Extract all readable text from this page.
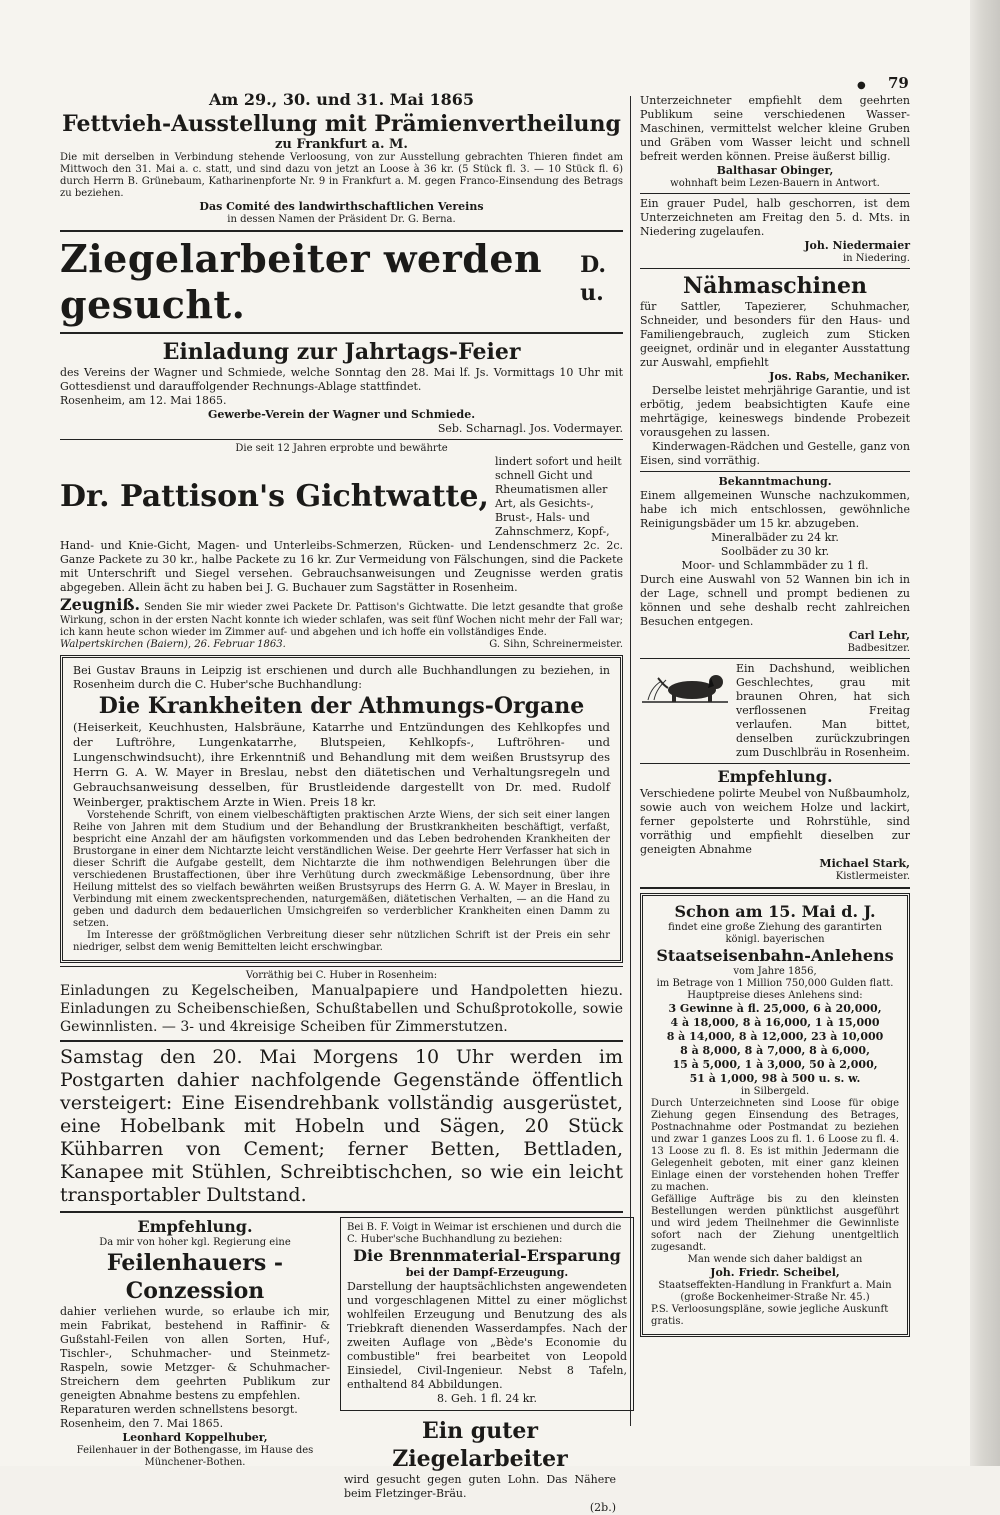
● 79
Am 29., 30. und 31. Mai 1865
Fettvieh-Ausstellung mit Prämienvertheilung
zu Frankfurt a. M.

Die mit derselben in Verbindung stehende Verloosung, von zur Ausstellung gebrachten Thieren findet am Mittwoch den 31. Mai a. c. statt, und sind dazu von jetzt an Loose à 36 kr. (5 Stück fl. 3. — 10 Stück fl. 6) durch Herrn B. Grünebaum, Katharinenpforte Nr. 9 in Frankfurt a. M. gegen Franco-Einsendung des Betrags zu beziehen.

Das Comité des landwirthschaftlichen Vereins
in dessen Namen der Präsident Dr. G. Berna.
Ziegelarbeiter werden gesucht.
D. u.
Einladung zur Jahrtags-Feier

des Vereins der Wagner und Schmiede, welche Sonntag den 28. Mai lf. Js. Vormittags 10 Uhr mit Gottesdienst und darauffolgender Rechnungs-Ablage stattfindet.

Rosenheim, am 12. Mai 1865.
Gewerbe-Verein der Wagner und Schmiede.
Seb. Scharnagl. Jos. Vodermayer.
Die seit 12 Jahren erprobte und bewährte
Dr. Pattison's Gichtwatte,
lindert sofort und heilt schnell Gicht und Rheumatismen aller Art, als Gesichts-, Brust-, Hals- und Zahnschmerz, Kopf-,

Hand- und Knie-Gicht, Magen- und Unterleibs-Schmerzen, Rücken- und Lendenschmerz 2c. 2c. Ganze Packete zu 30 kr., halbe Packete zu 16 kr. Zur Vermeidung von Fälschungen, sind die Packete mit Unterschrift und Siegel versehen. Gebrauchsanweisungen und Zeugnisse werden gratis abgegeben. Allein ächt zu haben bei J. G. Buchauer zum Sagstätter in Rosenheim.

Zeugniß. Senden Sie mir wieder zwei Packete Dr. Pattison's Gichtwatte. Die letzt gesandte that große Wirkung, schon in der ersten Nacht konnte ich wieder schlafen, was seit fünf Wochen nicht mehr der Fall war; ich kann heute schon wieder im Zimmer auf- und abgehen und ich hoffe ein vollständiges Ende.

Walpertskirchen (Baiern), 26. Februar 1863.	G. Sihn, Schreinermeister.

Bei Gustav Brauns in Leipzig ist erschienen und durch alle Buchhandlungen zu beziehen, in Rosenheim durch die C. Huber'sche Buchhandlung:

Die Krankheiten der Athmungs-Organe

(Heiserkeit, Keuchhusten, Halsbräune, Katarrhe und Entzündungen des Kehlkopfes und der Luftröhre, Lungenkatarrhe, Blutspeien, Kehlkopfs-, Luftröhren- und Lungenschwindsucht), ihre Erkenntniß und Behandlung mit dem weißen Brustsyrup des Herrn G. A. W. Mayer in Breslau, nebst den diätetischen und Verhaltungsregeln und Gebrauchsanweisung desselben, für Brustleidende dargestellt von Dr. med. Rudolf Weinberger, praktischem Arzte in Wien. Preis 18 kr.

Vorstehende Schrift, von einem vielbeschäftigten praktischen Arzte Wiens, der sich seit einer langen Reihe von Jahren mit dem Studium und der Behandlung der Brustkrankheiten beschäftigt, verfaßt, bespricht eine Anzahl der am häufigsten vorkommenden und das Leben bedrohenden Krankheiten der Brustorgane in einer dem Nichtarzte leicht verständlichen Weise. Der geehrte Herr Verfasser hat sich in dieser Schrift die Aufgabe gestellt, dem Nichtarzte die ihm nothwendigen Belehrungen über die verschiedenen Brustaffectionen, über ihre Verhütung durch zweckmäßige Lebensordnung, über ihre Heilung mittelst des so vielfach bewährten weißen Brustsyrups des Herrn G. A. W. Mayer in Breslau, in Verbindung mit einem zweckentsprechenden, naturgemäßen, diätetischen Verhalten, — an die Hand zu geben und dadurch dem bedauerlichen Umsichgreifen so verderblicher Krankheiten einen Damm zu setzen.

Im Interesse der größtmöglichen Verbreitung dieser sehr nützlichen Schrift ist der Preis ein sehr niedriger, selbst dem wenig Bemittelten leicht erschwingbar.

Vorräthig bei C. Huber in Rosenheim:

Einladungen zu Kegelscheiben, Manualpapiere und Handpoletten hiezu. Einladungen zu Scheibenschießen, Schußtabellen und Schußprotokolle, sowie Gewinnlisten. — 3- und 4kreisige Scheiben für Zimmerstutzen.

Samstag den 20. Mai Morgens 10 Uhr werden im Postgarten dahier nachfolgende Gegenstände öffentlich versteigert: Eine Eisendrehbank vollständig ausgerüstet, eine Hobelbank mit Hobeln und Sägen, 20 Stück Kühbarren von Cement; ferner Betten, Bettladen, Kanapee mit Stühlen, Schreibtischchen, so wie ein leicht transportabler Dultstand.

Empfehlung.
Da mir von hoher kgl. Regierung eine
Feilenhauers - Conzession

dahier verliehen wurde, so erlaube ich mir, mein Fabrikat, bestehend in Raffinir- & Gußstahl-Feilen von allen Sorten, Huf-, Tischler-, Schuhmacher- und Steinmetz-Raspeln, sowie Metzger- & Schuhmacher-Streichern dem geehrten Publikum zur geneigten Abnahme bestens zu empfehlen.

Reparaturen werden schnellstens besorgt.
Rosenheim, den 7. Mai 1865.
Leonhard Koppelhuber,
Feilenhauer in der Bothengasse, im Hause des Münchener-Bothen.

Bei B. F. Voigt in Weimar ist erschienen und durch die C. Huber'sche Buchhandlung zu beziehen:

Die Brennmaterial-Ersparung
bei der Dampf-Erzeugung.

Darstellung der hauptsächlichsten angewendeten und vorgeschlagenen Mittel zu einer möglichst wohlfeilen Erzeugung und Benutzung des als Triebkraft dienenden Wasserdampfes. Nach der zweiten Auflage von „Bède's Economie du combustible" frei bearbeitet von Leopold Einsiedel, Civil-Ingenieur. Nebst 8 Tafeln, enthaltend 84 Abbildungen.

8. Geh. 1 fl. 24 kr.
Ein guter Ziegelarbeiter

wird gesucht gegen guten Lohn. Das Nähere beim Fletzinger-Bräu.

(2b.)

Unterzeichneter empfiehlt dem geehrten Publikum seine verschiedenen Wasser-Maschinen, vermittelst welcher kleine Gruben und Gräben vom Wasser leicht und schnell befreit werden können. Preise äußerst billig.

Balthasar Obinger,
wohnhaft beim Lezen-Bauern in Antwort.

Ein grauer Pudel, halb geschorren, ist dem Unterzeichneten am Freitag den 5. d. Mts. in Niedering zugelaufen.

Joh. Niedermaier
in Niedering.
Nähmaschinen

für Sattler, Tapezierer, Schuhmacher, Schneider, und besonders für den Haus- und Familiengebrauch, zugleich zum Sticken geeignet, ordinär und in eleganter Ausstattung zur Auswahl, empfiehlt

Jos. Rabs, Mechaniker.

Derselbe leistet mehrjährige Garantie, und ist erbötig, jedem beabsichtigten Kaufe eine mehrtägige, keineswegs bindende Probezeit vorausgehen zu lassen.

Kinderwagen-Rädchen und Gestelle, ganz von Eisen, sind vorräthig.

Bekanntmachung.

Einem allgemeinen Wunsche nachzukommen, habe ich mich entschlossen, gewöhnliche Reinigungsbäder um 15 kr. abzugeben.

Mineralbäder zu 24 kr.
Soolbäder zu 30 kr.
Moor- und Schlammbäder zu 1 fl.

Durch eine Auswahl von 52 Wannen bin ich in der Lage, schnell und prompt bedienen zu können und sehe deshalb recht zahlreichen Besuchen entgegen.

Carl Lehr,
Badbesitzer.

Ein Dachshund, weiblichen Geschlechtes, grau mit braunen Ohren, hat sich verflossenen Freitag verlaufen. Man bittet, denselben zurückzubringen zum Duschlbräu in Rosenheim.

Empfehlung.

Verschiedene polirte Meubel von Nußbaumholz, sowie auch von weichem Holze und lackirt, ferner gepolsterte und Rohrstühle, sind vorräthig und empfiehlt dieselben zur geneigten Abnahme

Michael Stark,
Kistlermeister.
Schon am 15. Mai d. J.
findet eine große Ziehung des garantirten königl. bayerischen
Staatseisenbahn-Anlehens
vom Jahre 1856,
im Betrage von 1 Million 750,000 Gulden flatt.
Hauptpreise dieses Anlehens sind:
3 Gewinne à fl. 25,000, 6 à 20,000,
4 à 18,000, 8 à 16,000, 1 à 15,000
8 à 14,000, 8 à 12,000, 23 à 10,000
8 à 8,000, 8 à 7,000, 8 à 6,000,
15 à 5,000, 1 à 3,000, 50 à 2,000,
51 à 1,000, 98 à 500 u. s. w.
in Silbergeld.

Durch Unterzeichneten sind Loose für obige Ziehung gegen Einsendung des Betrages, Postnachnahme oder Postmandat zu beziehen und zwar 1 ganzes Loos zu fl. 1. 6 Loose zu fl. 4. 13 Loose zu fl. 8. Es ist mithin Jedermann die Gelegenheit geboten, mit einer ganz kleinen Einlage einen der vorstehenden hohen Treffer zu machen.

Gefällige Aufträge bis zu den kleinsten Bestellungen werden pünktlichst ausgeführt und wird jedem Theilnehmer die Gewinnliste sofort nach der Ziehung unentgeltlich zugesandt.

Man wende sich daher baldigst an
Joh. Friedr. Scheibel,
Staatseffekten-Handlung in Frankfurt a. Main (große Bockenheimer-Straße Nr. 45.)
P.S. Verloosungspläne, sowie jegliche Auskunft gratis.
